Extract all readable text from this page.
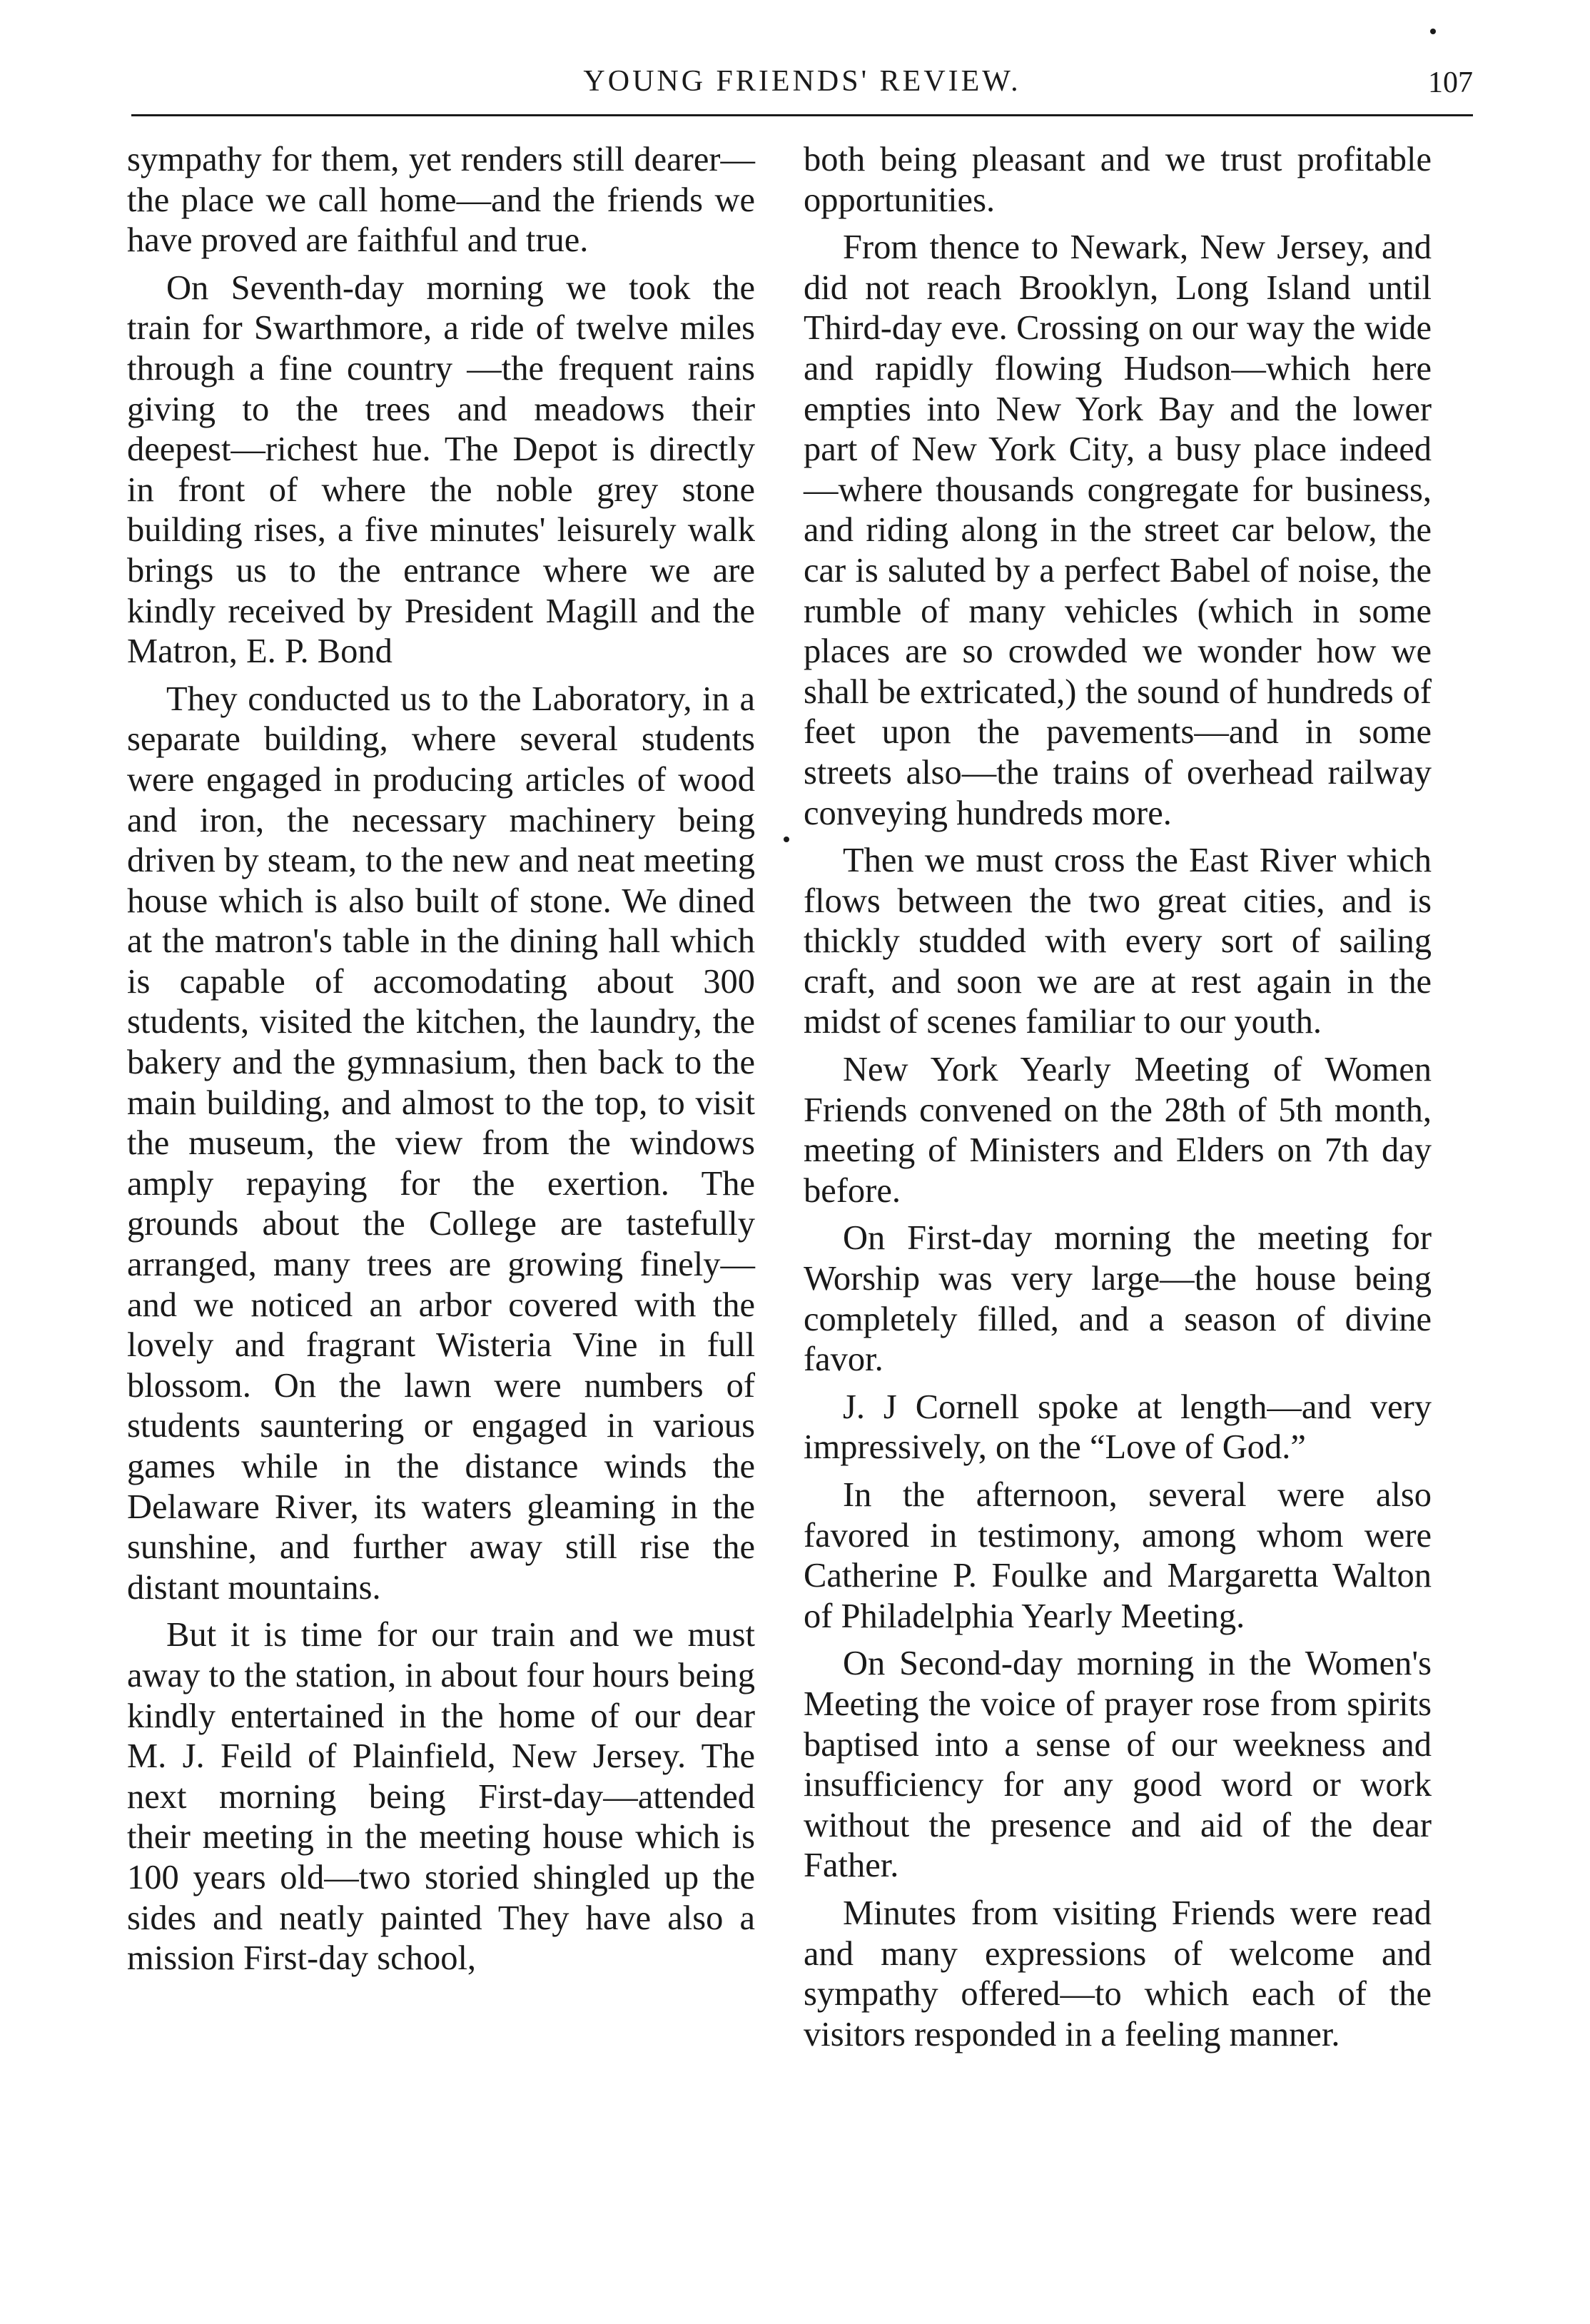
YOUNG FRIENDS' REVIEW.	107

sympathy for them, yet renders still dearer—the place we call home—and the friends we have proved are faithful and true.

On Seventh-day morning we took the train for Swarthmore, a ride of twelve miles through a fine country —the frequent rains giving to the trees and meadows their deepest—richest hue. The Depot is directly in front of where the noble grey stone building rises, a five minutes' leisurely walk brings us to the entrance where we are kindly received by President Magill and the Matron, E. P. Bond

They conducted us to the Laboratory, in a separate building, where several students were engaged in producing articles of wood and iron, the necessary machinery being driven by steam, to the new and neat meeting house which is also built of stone. We dined at the matron's table in the dining hall which is capable of accomodating about 300 students, visited the kitchen, the laundry, the bakery and the gymnasium, then back to the main building, and almost to the top, to visit the museum, the view from the windows amply repaying for the exertion. The grounds about the College are tastefully arranged, many trees are growing finely—and we noticed an arbor covered with the lovely and fragrant Wisteria Vine in full blossom. On the lawn were numbers of students sauntering or engaged in various games while in the distance winds the Delaware River, its waters gleaming in the sunshine, and further away still rise the distant mountains.

But it is time for our train and we must away to the station, in about four hours being kindly entertained in the home of our dear M. J. Feild of Plainfield, New Jersey. The next morning being First-day—attended their meeting in the meeting house which is 100 years old—two storied shingled up the sides and neatly painted They have also a mission First-day school,

both being pleasant and we trust profitable opportunities.

From thence to Newark, New Jersey, and did not reach Brooklyn, Long Island until Third-day eve. Crossing on our way the wide and rapidly flowing Hudson—which here empties into New York Bay and the lower part of New York City, a busy place indeed—where thousands congregate for business, and riding along in the street car below, the car is saluted by a perfect Babel of noise, the rumble of many vehicles (which in some places are so crowded we wonder how we shall be extricated,) the sound of hundreds of feet upon the pavements—and in some streets also—the trains of overhead railway conveying hundreds more.

Then we must cross the East River which flows between the two great cities, and is thickly studded with every sort of sailing craft, and soon we are at rest again in the midst of scenes familiar to our youth.

New York Yearly Meeting of Women Friends convened on the 28th of 5th month, meeting of Ministers and Elders on 7th day before.

On First-day morning the meeting for Worship was very large—the house being completely filled, and a season of divine favor.

J. J Cornell spoke at length—and very impressively, on the “Love of God.”

In the afternoon, several were also favored in testimony, among whom were Catherine P. Foulke and Margaretta Walton of Philadelphia Yearly Meeting.

On Second-day morning in the Women's Meeting the voice of prayer rose from spirits baptised into a sense of our weekness and insufficiency for any good word or work without the presence and aid of the dear Father.

Minutes from visiting Friends were read and many expressions of welcome and sympathy offered—to which each of the visitors responded in a feeling manner.
